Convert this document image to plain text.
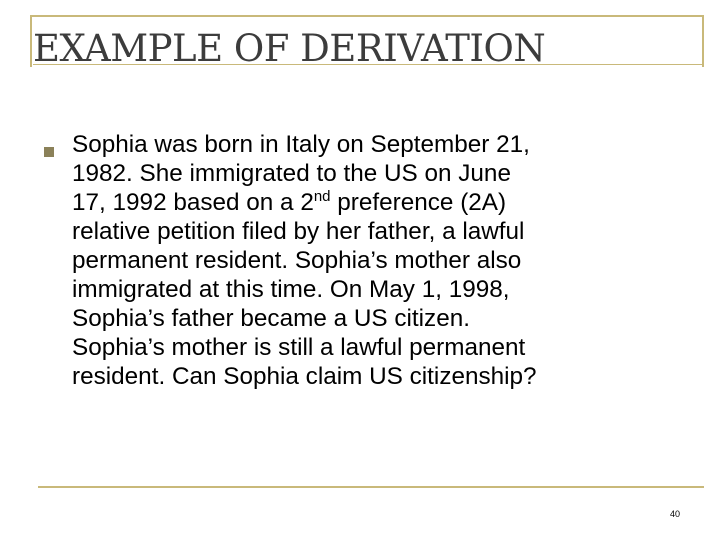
EXAMPLE OF DERIVATION

Sophia was born in Italy on September 21,
1982. She immigrated to the US on June
17, 1992 based on a 2nd preference (2A)
relative petition filed by her father, a lawful
permanent resident. Sophia’s mother also
immigrated at this time. On May 1, 1998,
Sophia’s father became a US citizen.
Sophia’s mother is still a lawful permanent
resident. Can Sophia claim US citizenship?

40
